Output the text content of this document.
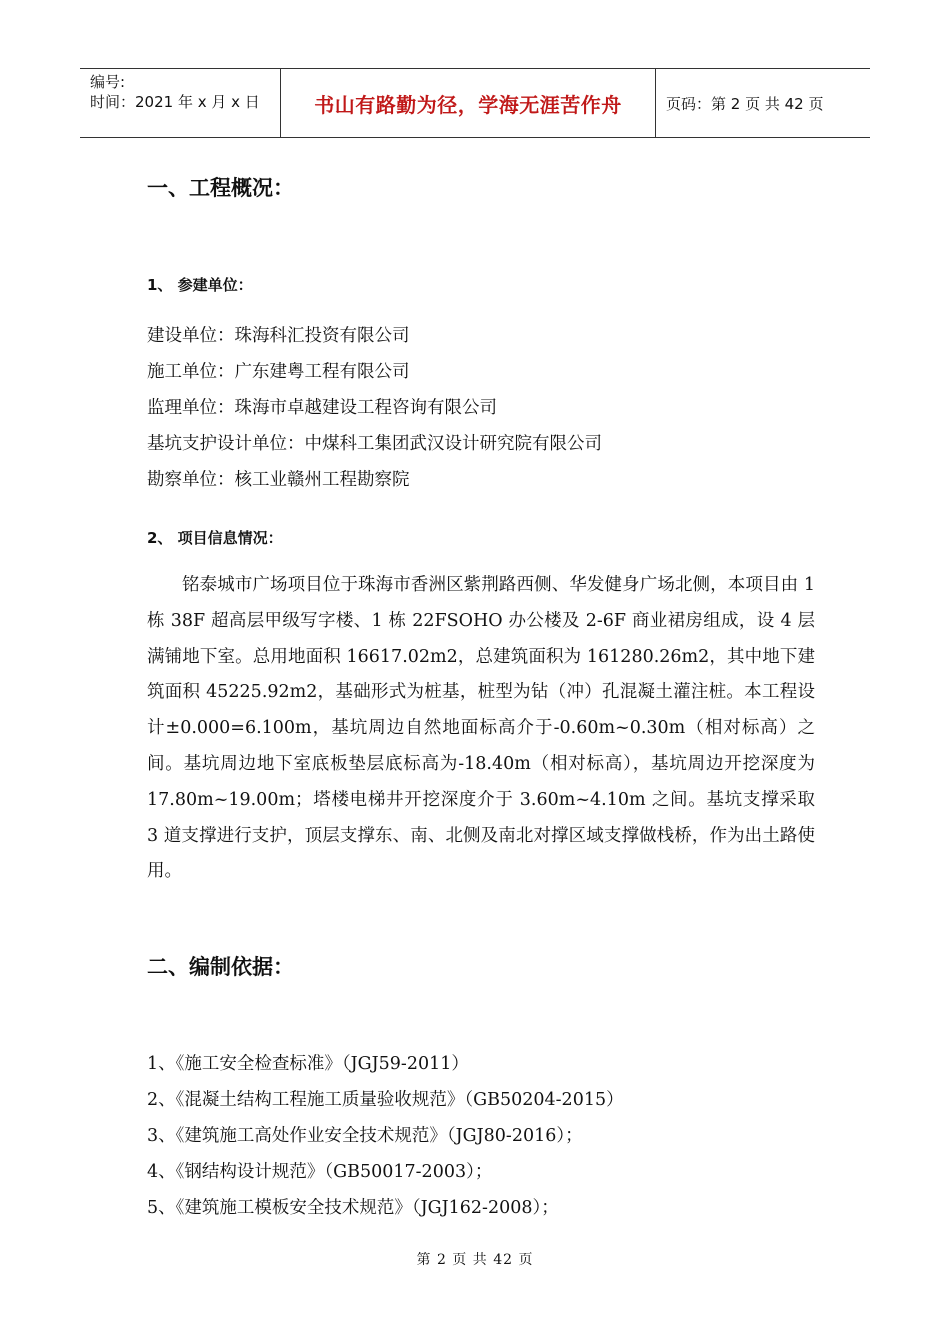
编号:
时间：2021 年 x 月 x 日	书山有路勤为径，学海无涯苦作舟	页码：第 2 页 共 42 页
一、工程概况：
1、 参建单位：
建设单位：珠海科汇投资有限公司
施工单位：广东建粤工程有限公司
监理单位：珠海市卓越建设工程咨询有限公司
基坑支护设计单位：中煤科工集团武汉设计研究院有限公司
勘察单位：核工业赣州工程勘察院
2、 项目信息情况：

铭泰城市广场项目位于珠海市香洲区紫荆路西侧、华发健身广场北侧，本项目由 1 栋 38F 超高层甲级写字楼、1 栋 22FSOHO 办公楼及 2-6F 商业裙房组成，设 4 层满铺地下室。总用地面积 16617.02m2，总建筑面积为 161280.26m2，其中地下建筑面积 45225.92m2，基础形式为桩基，桩型为钻（冲）孔混凝土灌注桩。本工程设计±0.000=6.100m，基坑周边自然地面标高介于-0.60m~0.30m（相对标高）之间。基坑周边地下室底板垫层底标高为-18.40m（相对标高），基坑周边开挖深度为 17.80m~19.00m；塔楼电梯井开挖深度介于 3.60m~4.10m 之间。基坑支撑采取 3 道支撑进行支护，顶层支撑东、南、北侧及南北对撑区域支撑做栈桥，作为出土路使用。

二、编制依据：
1、《施工安全检查标准》（JGJ59-2011）
2、《混凝土结构工程施工质量验收规范》（GB50204-2015）
3、《建筑施工高处作业安全技术规范》（JGJ80-2016）；
4、《钢结构设计规范》（GB50017-2003）；
5、《建筑施工模板安全技术规范》（JGJ162-2008）；
第 2 页 共 42 页
